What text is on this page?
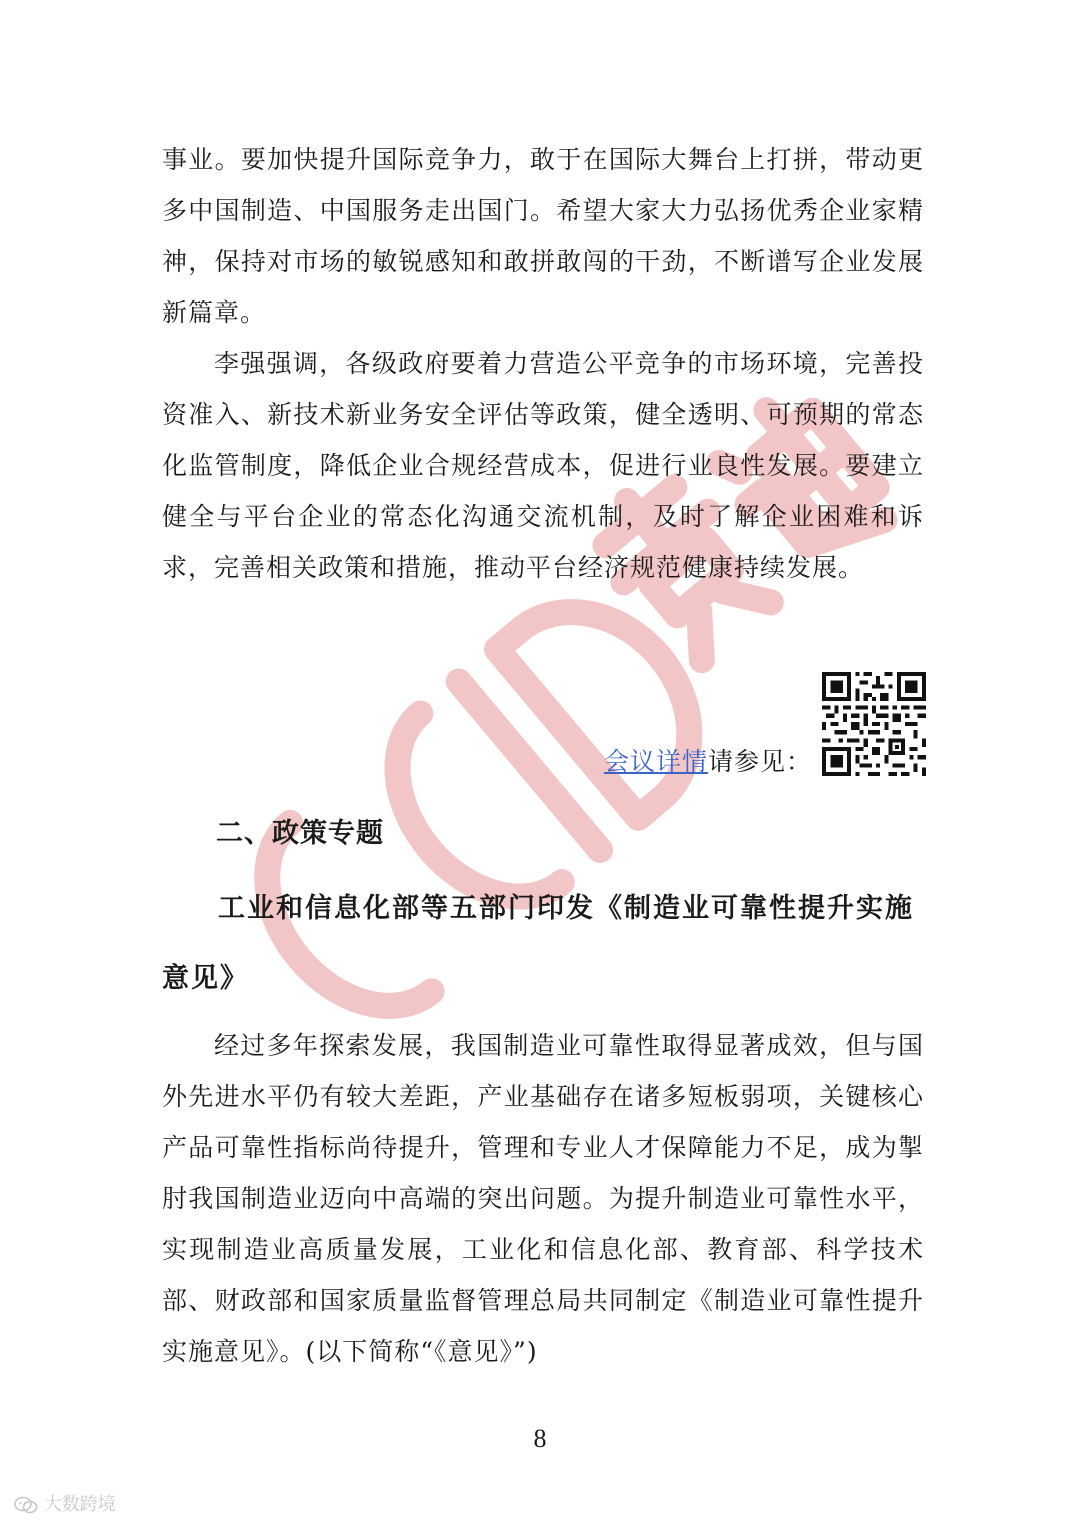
事业。要加快提升国际竞争力，敢于在国际大舞台上打拼，带动更多中国制造、中国服务走出国门。希望大家大力弘扬优秀企业家精神，保持对市场的敏锐感知和敢拼敢闯的干劲，不断谱写企业发展新篇章。

李强强调，各级政府要着力营造公平竞争的市场环境，完善投资准入、新技术新业务安全评估等政策，健全透明、可预期的常态化监管制度，降低企业合规经营成本，促进行业良性发展。要建立健全与平台企业的常态化沟通交流机制，及时了解企业困难和诉求，完善相关政策和措施，推动平台经济规范健康持续发展。

会议详情请参见：
二、政策专题
工业和信息化部等五部门印发《制造业可靠性提升实施
意见》

经过多年探索发展，我国制造业可靠性取得显著成效，但与国外先进水平仍有较大差距，产业基础存在诸多短板弱项，关键核心产品可靠性指标尚待提升，管理和专业人才保障能力不足，成为掣肘我国制造业迈向中高端的突出问题。为提升制造业可靠性水平，实现制造业高质量发展，工业化和信息化部、教育部、科学技术部、财政部和国家质量监督管理总局共同制定《制造业可靠性提升实施意见》。(以下简称“《意见》”)

8
大数跨境
